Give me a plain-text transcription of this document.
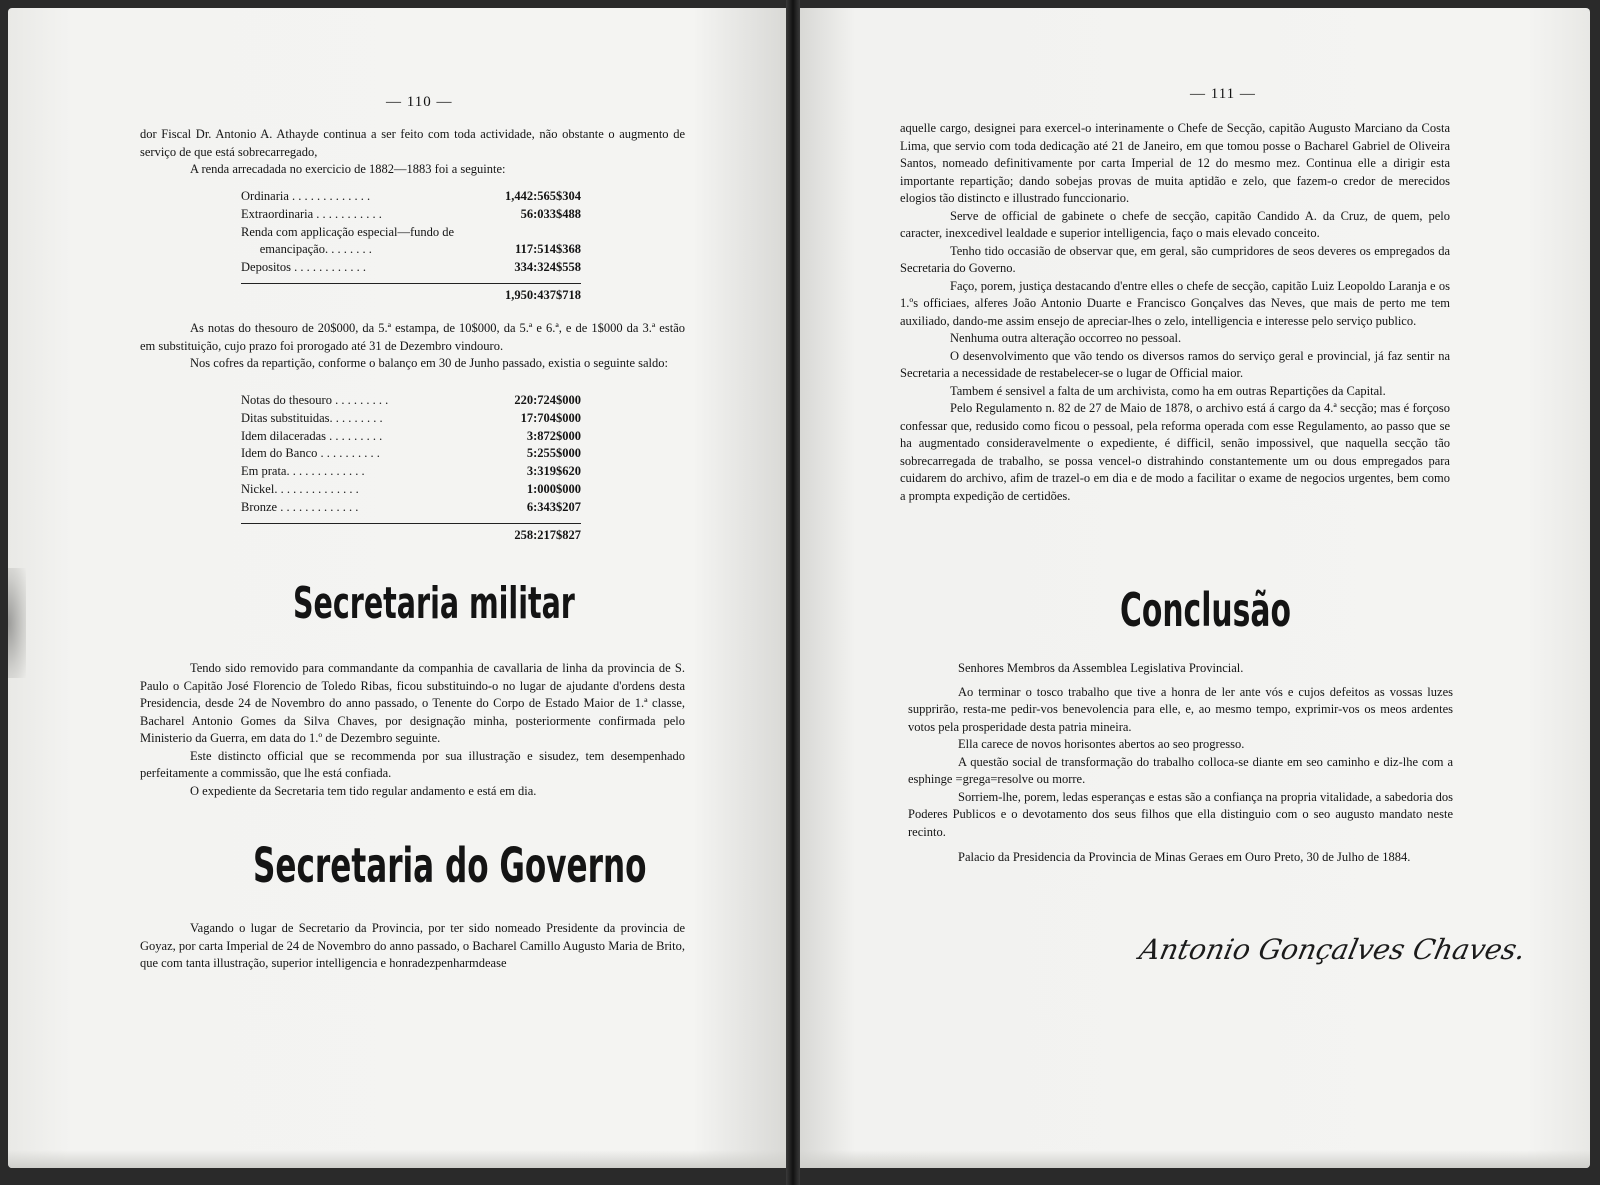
— 110 —

dor Fiscal Dr. Antonio A. Athayde continua a ser feito com toda actividade, não obstante o augmento de serviço de que está sobrecarregado,

A renda arrecadada no exercicio de 1882—1883 foi a seguinte:

Ordinaria . . . . . . . . . . . . .	1,442:565$304
Extraordinaria . . . . . . . . . . .	56:033$488
Renda com applicação especial—fundo de
emancipação. . . . . . . .	117:514$368
Depositos . . . . . . . . . . . .	334:324$558
1,950:437$718

As notas do thesouro de 20$000, da 5.ª estampa, de 10$000, da 5.ª e 6.ª, e de 1$000 da 3.ª estão em substituição, cujo prazo foi prorogado até 31 de Dezembro vindouro.

Nos cofres da repartição, conforme o balanço em 30 de Junho passado, existia o seguinte saldo:

Notas do thesouro . . . . . . . . .	220:724$000
Ditas substituidas. . . . . . . . .	17:704$000
Idem dilaceradas . . . . . . . . .	3:872$000
Idem do Banco . . . . . . . . . .	5:255$000
Em prata. . . . . . . . . . . . .	3:319$620
Nickel. . . . . . . . . . . . . .	1:000$000
Bronze . . . . . . . . . . . . .	6:343$207
258:217$827
Secretaria militar

Tendo sido removido para commandante da companhia de cavallaria de linha da provincia de S. Paulo o Capitão José Florencio de Toledo Ribas, ficou substituindo-o no lugar de ajudante d'ordens desta Presidencia, desde 24 de Novembro do anno passado, o Tenente do Corpo de Estado Maior de 1.ª classe, Bacharel Antonio Gomes da Silva Chaves, por designação minha, posteriormente confirmada pelo Ministerio da Guerra, em data do 1.º de Dezembro seguinte.

Este distincto official que se recommenda por sua illustração e sisudez, tem desempenhado perfeitamente a commissão, que lhe está confiada.

O expediente da Secretaria tem tido regular andamento e está em dia.

Secretaria do Governo

Vagando o lugar de Secretario da Provincia, por ter sido nomeado Presidente da provincia de Goyaz, por carta Imperial de 24 de Novembro do anno passado, o Bacharel Camillo Augusto Maria de Brito, que com tanta illustração, superior intelligencia e honradezpenharmdease

— 111 —

aquelle cargo, designei para exercel-o interinamente o Chefe de Secção, capitão Augusto Marciano da Costa Lima, que servio com toda dedicação até 21 de Janeiro, em que tomou posse o Bacharel Gabriel de Oliveira Santos, nomeado definitivamente por carta Imperial de 12 do mesmo mez. Continua elle a dirigir esta importante repartição; dando sobejas provas de muita aptidão e zelo, que fazem-o credor de merecidos elogios tão distincto e illustrado funccionario.

Serve de official de gabinete o chefe de secção, capitão Candido A. da Cruz, de quem, pelo caracter, inexcedivel lealdade e superior intelligencia, faço o mais elevado conceito.

Tenho tido occasião de observar que, em geral, são cumpridores de seos deveres os empregados da Secretaria do Governo.

Faço, porem, justiça destacando d'entre elles o chefe de secção, capitão Luiz Leopoldo Laranja e os 1.ºs officiaes, alferes João Antonio Duarte e Francisco Gonçalves das Neves, que mais de perto me tem auxiliado, dando-me assim ensejo de apreciar-lhes o zelo, intelligencia e interesse pelo serviço publico.

Nenhuma outra alteração occorreo no pessoal.

O desenvolvimento que vão tendo os diversos ramos do serviço geral e provincial, já faz sentir na Secretaria a necessidade de restabelecer-se o lugar de Official maior.

Tambem é sensivel a falta de um archivista, como ha em outras Repartições da Capital.

Pelo Regulamento n. 82 de 27 de Maio de 1878, o archivo está á cargo da 4.ª secção; mas é forçoso confessar que, redusido como ficou o pessoal, pela reforma operada com esse Regulamento, ao passo que se ha augmentado consideravelmente o expediente, é difficil, senão impossivel, que naquella secção tão sobrecarregada de trabalho, se possa vencel-o distrahindo constantemente um ou dous empregados para cuidarem do archivo, afim de trazel-o em dia e de modo a facilitar o exame de negocios urgentes, bem como a prompta expedição de certidões.

Conclusão

Senhores Membros da Assemblea Legislativa Provincial.

Ao terminar o tosco trabalho que tive a honra de ler ante vós e cujos defeitos as vossas luzes supprirão, resta-me pedir-vos benevolencia para elle, e, ao mesmo tempo, exprimir-vos os meos ardentes votos pela prosperidade desta patria mineira.

Ella carece de novos horisontes abertos ao seo progresso.

A questão social de transformação do trabalho colloca-se diante em seo caminho e diz-lhe com a esphinge =grega=resolve ou morre.

Sorriem-lhe, porem, ledas esperanças e estas são a confiança na propria vitalidade, a sabedoria dos Poderes Publicos e o devotamento dos seus filhos que ella distinguio com o seo augusto mandato neste recinto.

Palacio da Presidencia da Provincia de Minas Geraes em Ouro Preto, 30 de Julho de 1884.

Antonio Gonçalves Chaves.
